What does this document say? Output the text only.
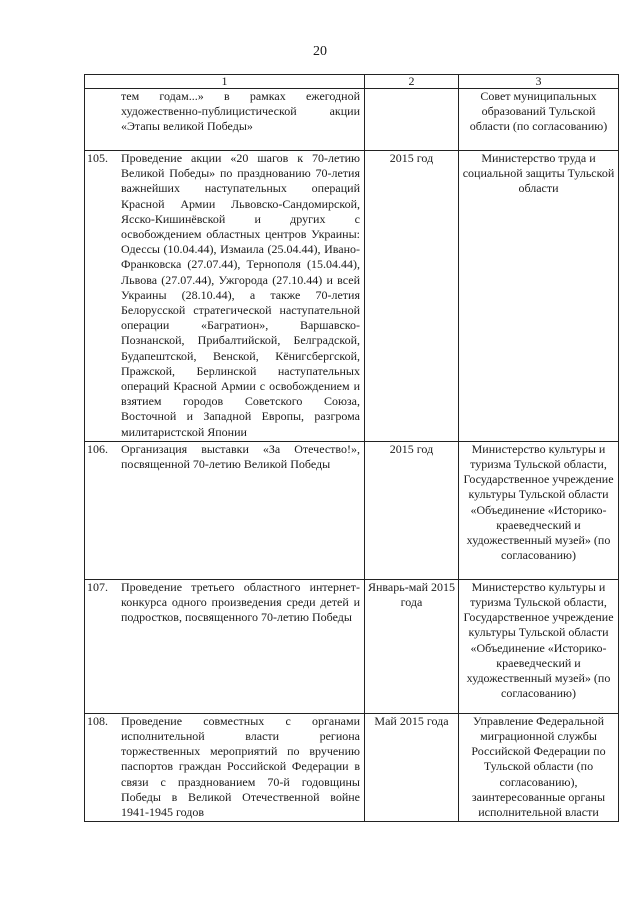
20
1	2	3

тем годам...» в рамках ежегодной художественно-публицистической акции «Этапы великой Победы»		Совет муниципальных образований Тульской области (по согласованию)

105. Проведение акции «20 шагов к 70-летию Великой Победы» по празднованию 70-летия важнейших наступательных операций Красной Армии Львовско-Сандомирской, Ясско-Кишинёвской и других с освобождением областных центров Украины: Одессы (10.04.44), Измаила (25.04.44), Ивано-Франковска (27.07.44), Тернополя (15.04.44), Львова (27.07.44), Ужгорода (27.10.44) и всей Украины (28.10.44), а также 70-летия Белорусской стратегической наступательной операции «Багратион», Варшавско-Познанской, Прибалтийской, Белградской, Будапештской, Венской, Кёнигсбергской, Пражской, Берлинской наступательных операций Красной Армии с освобождением и взятием городов Советского Союза, Восточной и Западной Европы, разгрома милитаристской Японии	2015 год	Министерство труда и социальной защиты Тульской области

106. Организация выставки «За Отечество!», посвященной 70-летию Великой Победы	2015 год	Министерство культуры и туризма Тульской области, Государственное учреждение культуры Тульской области «Объединение «Историко-краеведческий и художественный музей» (по согласованию)

107. Проведение третьего областного интернет-конкурса одного произведения среди детей и подростков, посвященного 70-летию Победы	Январь-май 2015 года	Министерство культуры и туризма Тульской области, Государственное учреждение культуры Тульской области «Объединение «Историко-краеведческий и художественный музей» (по согласованию)

108. Проведение совместных с органами исполнительной власти региона торжественных мероприятий по вручению паспортов граждан Российской Федерации в связи с празднованием 70-й годовщины Победы в Великой Отечественной войне 1941-1945 годов	Май 2015 года	Управление Федеральной миграционной службы Российской Федерации по Тульской области (по согласованию), заинтересованные органы исполнительной власти
